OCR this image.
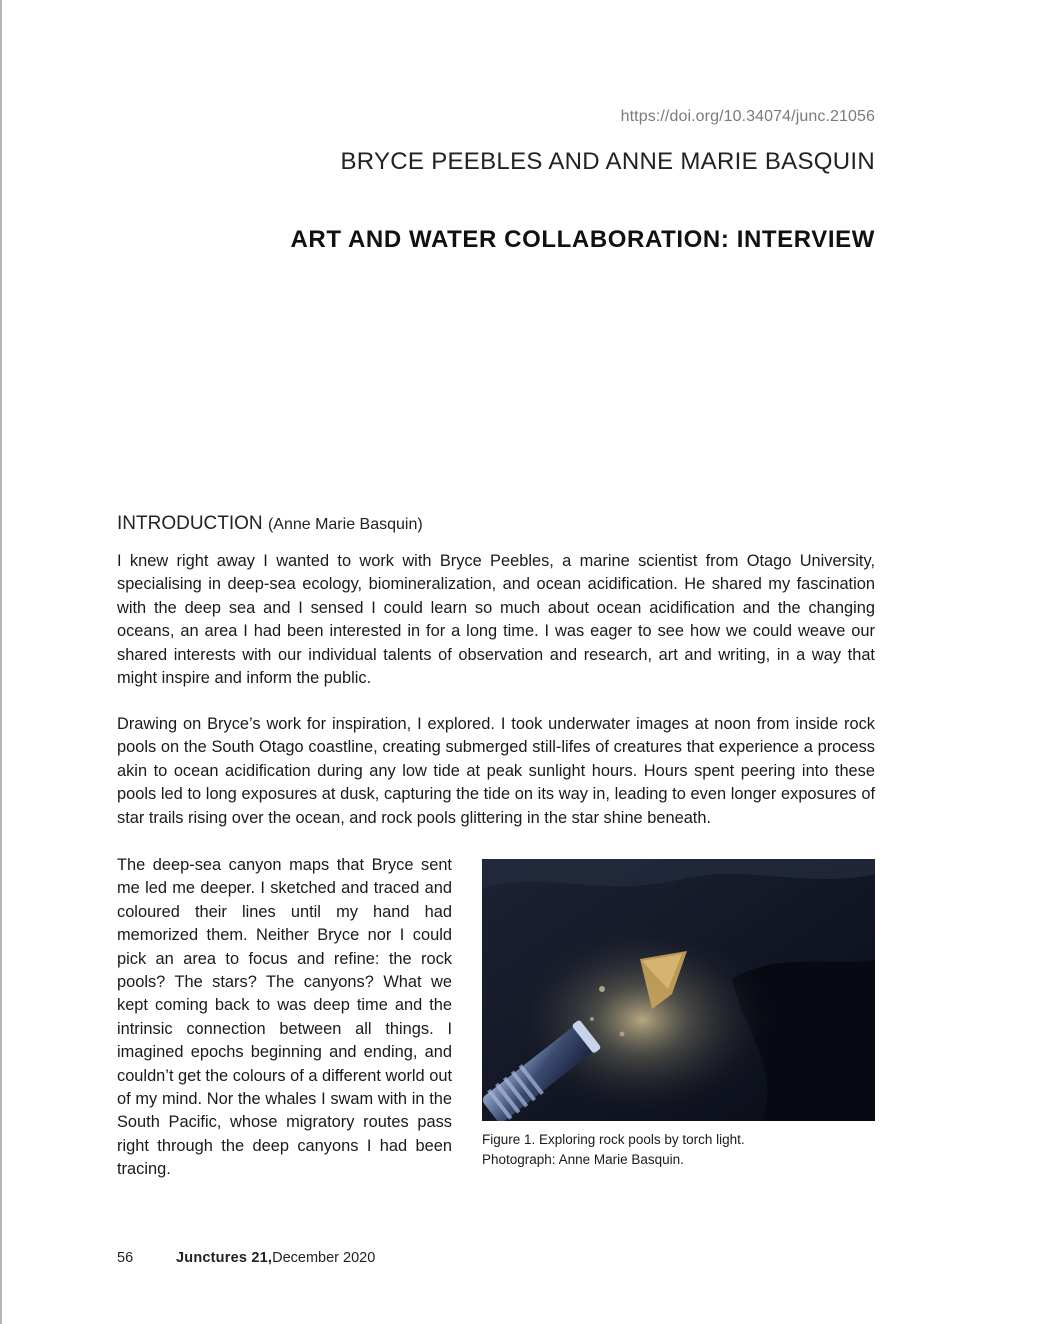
https://doi.org/10.34074/junc.21056
BRYCE PEEBLES AND ANNE MARIE BASQUIN
ART AND WATER COLLABORATION: INTERVIEW
INTRODUCTION (Anne Marie Basquin)

I knew right away I wanted to work with Bryce Peebles, a marine scientist from Otago University, specialising in deep-sea ecology, biomineralization, and ocean acidification. He shared my fascination with the deep sea and I sensed I could learn so much about ocean acidification and the changing oceans, an area I had been interested in for a long time. I was eager to see how we could weave our shared interests with our individual talents of observation and research, art and writing, in a way that might inspire and inform the public.

Drawing on Bryce’s work for inspiration, I explored. I took underwater images at noon from inside rock pools on the South Otago coastline, creating submerged still-lifes of creatures that experience a process akin to ocean acidification during any low tide at peak sunlight hours. Hours spent peering into these pools led to long exposures at dusk, capturing the tide on its way in, leading to even longer exposures of star trails rising over the ocean, and rock pools glittering in the star shine beneath.

The deep-sea canyon maps that Bryce sent me led me deeper. I sketched and traced and coloured their lines until my hand had memorized them. Neither Bryce nor I could pick an area to focus and refine: the rock pools? The stars? The canyons? What we kept coming back to was deep time and the intrinsic connection between all things. I imagined epochs beginning and ending, and couldn’t get the colours of a different world out of my mind. Nor the whales I swam with in the South Pacific, whose migratory routes pass right through the deep canyons I had been tracing.

Figure 1. Exploring rock pools by torch light.
Photograph: Anne Marie Basquin.
56	Junctures 21,December 2020
